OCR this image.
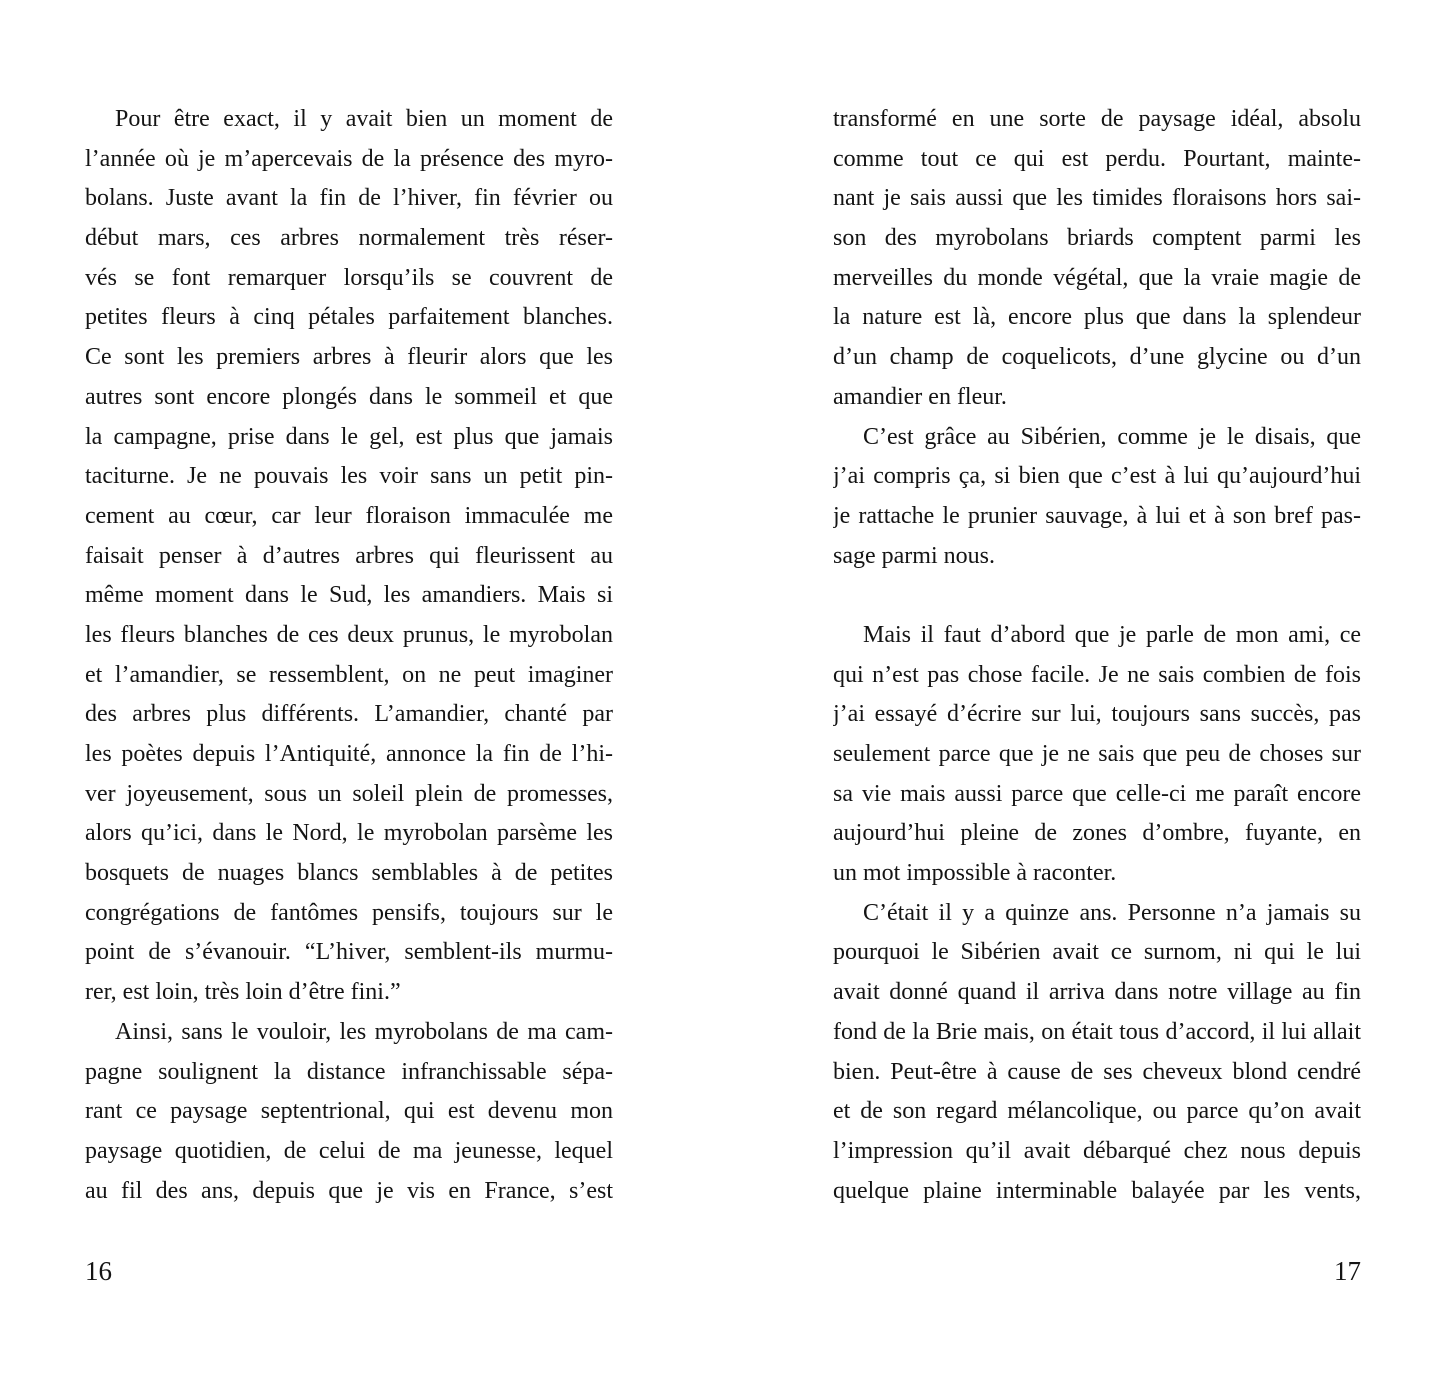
Pour être exact, il y avait bien un moment de
l’année où je m’apercevais de la présence des myro-
bolans. Juste avant la fin de l’hiver, fin février ou
début mars, ces arbres normalement très réser-
vés se font remarquer lorsqu’ils se couvrent de
petites fleurs à cinq pétales parfaitement blanches.
Ce sont les premiers arbres à fleurir alors que les
autres sont encore plongés dans le sommeil et que
la campagne, prise dans le gel, est plus que jamais
taciturne. Je ne pouvais les voir sans un petit pin-
cement au cœur, car leur floraison immaculée me
faisait penser à d’autres arbres qui fleurissent au
même moment dans le Sud, les amandiers. Mais si
les fleurs blanches de ces deux prunus, le myrobolan
et l’amandier, se ressemblent, on ne peut imaginer
des arbres plus différents. L’amandier, chanté par
les poètes depuis l’Antiquité, annonce la fin de l’hi-
ver joyeusement, sous un soleil plein de promesses,
alors qu’ici, dans le Nord, le myrobolan parsème les
bosquets de nuages blancs semblables à de petites
congrégations de fantômes pensifs, toujours sur le
point de s’évanouir. “L’hiver, semblent-ils murmu-
rer, est loin, très loin d’être fini.”
Ainsi, sans le vouloir, les myrobolans de ma cam-
pagne soulignent la distance infranchissable sépa-
rant ce paysage septentrional, qui est devenu mon
paysage quotidien, de celui de ma jeunesse, lequel
au fil des ans, depuis que je vis en France, s’est
transformé en une sorte de paysage idéal, absolu
comme tout ce qui est perdu. Pourtant, mainte-
nant je sais aussi que les timides floraisons hors sai-
son des myrobolans briards comptent parmi les
merveilles du monde végétal, que la vraie magie de
la nature est là, encore plus que dans la splendeur
d’un champ de coquelicots, d’une glycine ou d’un
amandier en fleur.
C’est grâce au Sibérien, comme je le disais, que
j’ai compris ça, si bien que c’est à lui qu’aujourd’hui
je rattache le prunier sauvage, à lui et à son bref pas-
sage parmi nous.
Mais il faut d’abord que je parle de mon ami, ce
qui n’est pas chose facile. Je ne sais combien de fois
j’ai essayé d’écrire sur lui, toujours sans succès, pas
seulement parce que je ne sais que peu de choses sur
sa vie mais aussi parce que celle-ci me paraît encore
aujourd’hui pleine de zones d’ombre, fuyante, en
un mot impossible à raconter.
C’était il y a quinze ans. Personne n’a jamais su
pourquoi le Sibérien avait ce surnom, ni qui le lui
avait donné quand il arriva dans notre village au fin
fond de la Brie mais, on était tous d’accord, il lui allait
bien. Peut-être à cause de ses cheveux blond cendré
et de son regard mélancolique, ou parce qu’on avait
l’impression qu’il avait débarqué chez nous depuis
quelque plaine interminable balayée par les vents,
16	17
